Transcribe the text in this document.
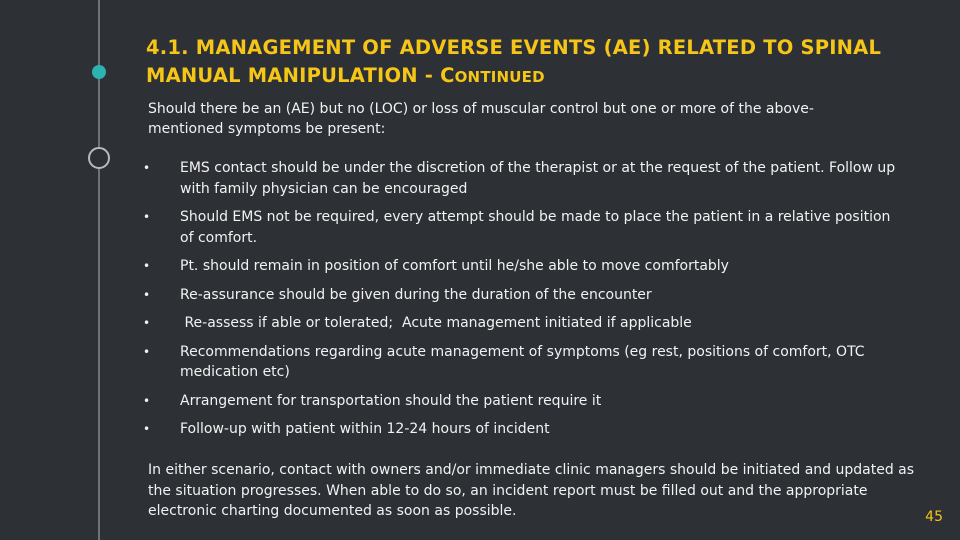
4.1. MANAGEMENT OF ADVERSE EVENTS (AE) RELATED TO SPINAL MANUAL MANIPULATION - CONTINUED

Should there be an (AE) but no (LOC) or loss of muscular control but one or more of the above-mentioned symptoms be present:

• EMS contact should be under the discretion of the therapist or at the request of the patient. Follow up with family physician can be encouraged
• Should EMS not be required, every attempt should be made to place the patient in a relative position of comfort.
• Pt. should remain in position of comfort until he/she able to move comfortably
• Re-assurance should be given during the duration of the encounter
• Re-assess if able or tolerated;  Acute management initiated if applicable
• Recommendations regarding acute management of symptoms (eg rest, positions of comfort, OTC medication etc)
• Arrangement for transportation should the patient require it
• Follow-up with patient within 12-24 hours of incident

In either scenario, contact with owners and/or immediate clinic managers should be initiated and updated as the situation progresses. When able to do so, an incident report must be filled out and the appropriate electronic charting documented as soon as possible.	45
